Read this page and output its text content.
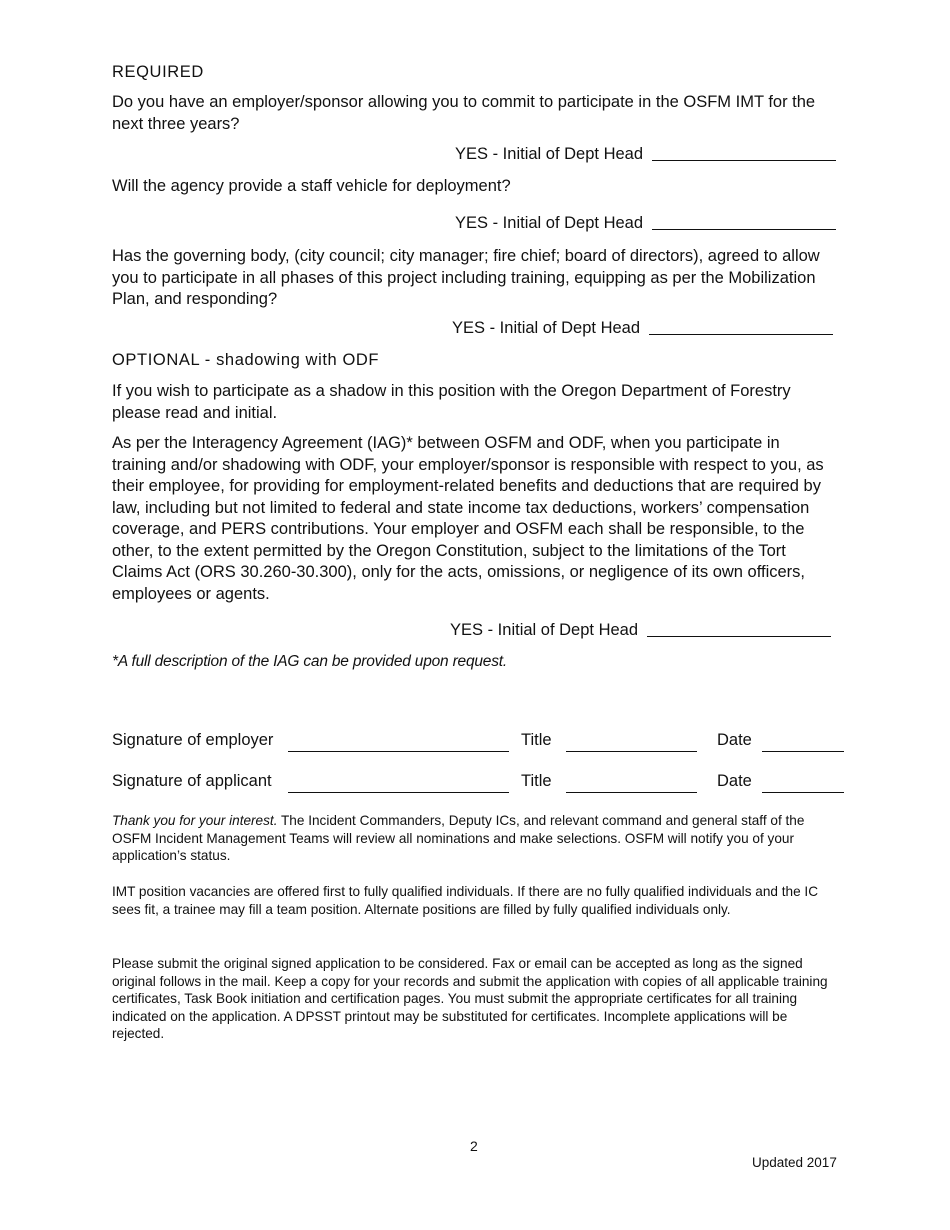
REQUIRED
Do you have an employer/sponsor allowing you to commit to participate in the OSFM IMT for the next three years?
YES - Initial of Dept Head
Will the agency provide a staff vehicle for deployment?
YES - Initial of Dept Head
Has the governing body, (city council; city manager; fire chief; board of directors), agreed to allow you to participate in all phases of this project including training, equipping as per the Mobilization Plan, and responding?
YES - Initial of Dept Head
OPTIONAL - shadowing with ODF
If you wish to participate as a shadow in this position with the Oregon Department of Forestry please read and initial.
As per the Interagency Agreement (IAG)* between OSFM and ODF, when you participate in training and/or shadowing with ODF, your employer/sponsor is responsible with respect to you, as their employee, for providing for employment-related benefits and deductions that are required by law, including but not limited to federal and state income tax deductions, workers’ compensation coverage, and PERS contributions. Your employer and OSFM each shall be responsible, to the other, to the extent permitted by the Oregon Constitution, subject to the limitations of the Tort Claims Act (ORS 30.260-30.300), only for the acts, omissions, or negligence of its own officers, employees or agents.
YES - Initial of Dept Head
*A full description of the IAG can be provided upon request.
Signature of employer	Title	Date
Signature of applicant	Title	Date
Thank you for your interest. The Incident Commanders, Deputy ICs, and relevant command and general staff of the OSFM Incident Management Teams will review all nominations and make selections. OSFM will notify you of your application’s status.
IMT position vacancies are offered first to fully qualified individuals. If there are no fully qualified individuals and the IC sees fit, a trainee may fill a team position. Alternate positions are filled by fully qualified individuals only.
Please submit the original signed application to be considered. Fax or email can be accepted as long as the signed original follows in the mail. Keep a copy for your records and submit the application with copies of all applicable training certificates, Task Book initiation and certification pages. You must submit the appropriate certificates for all training indicated on the application. A DPSST printout may be substituted for certificates. Incomplete applications will be rejected.
2
Updated 2017
